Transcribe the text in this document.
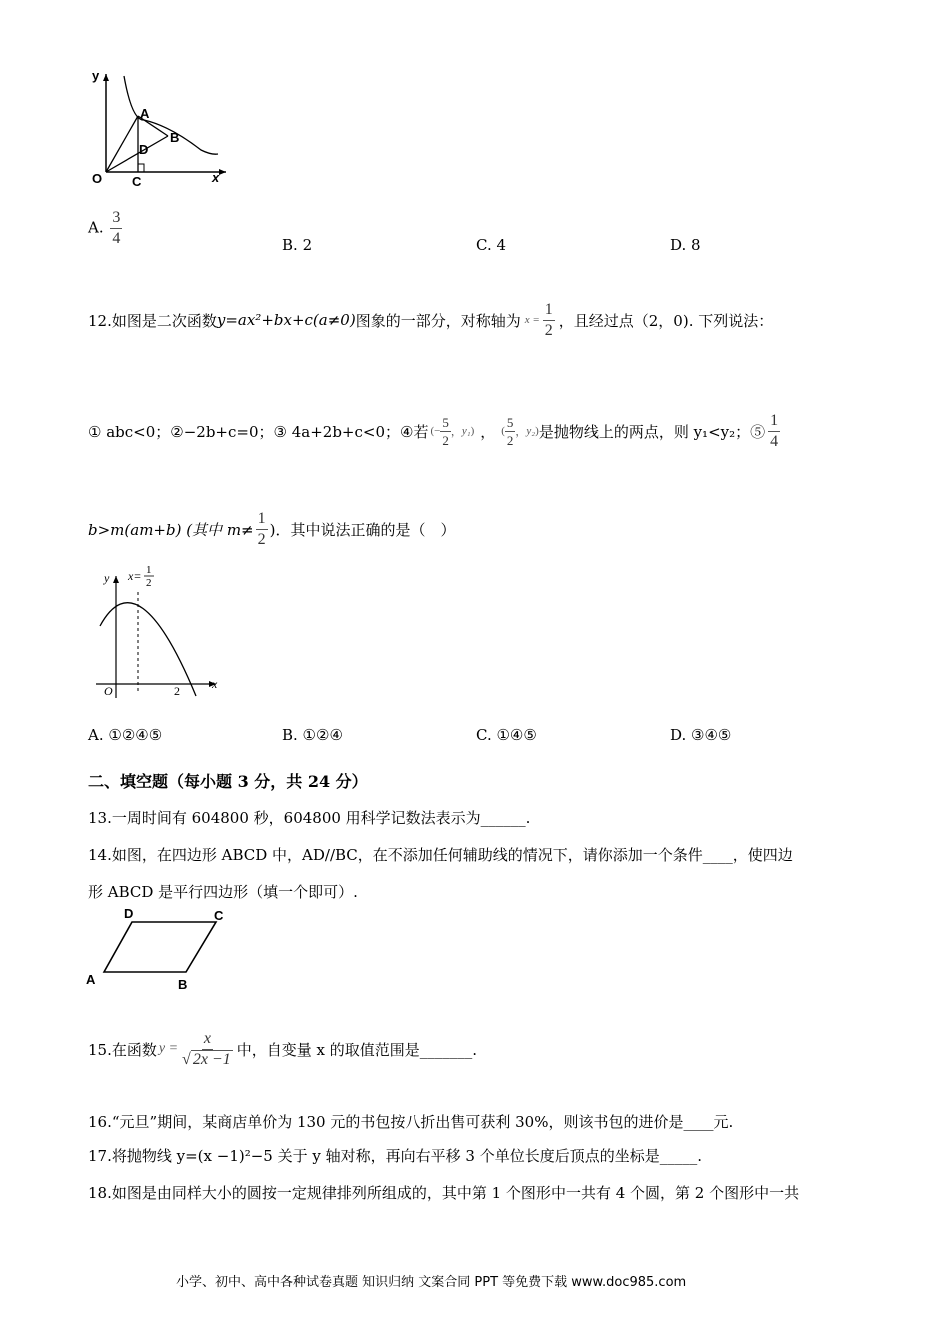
y
x
O
A
B
C
D
A. $\frac{3}{4}$	B. 2	C. 4	D. 8
12.如图是二次函数 y=ax²+bx+c(a≠0) 图象的一部分，对称轴为 $x = \frac{1}{2}$ ，且经过点（2，0). 下列说法：
① abc<0；②−2b+c=0；③ 4a+2b+c<0；④若 (− $\frac{5}{2}$ ， y₁ ) ， ( $\frac{5}{2}$ ， y₂ ) 是抛物线上的两点，则 y₁<y₂；⑤ $\frac{1}{4}$
b>m(am+b) (其中 $m\ne \frac{1}{2}$ )．其中说法正确的是（　）
y
x
O	2
x= 1
2
A. ①②④⑤	B. ①②④	C. ①④⑤	D. ③④⑤
二、填空题（每小题 3 分，共 24 分）
13.一周时间有 604800 秒，604800 用科学记数法表示为______.
14.如图，在四边形 ABCD 中，AD//BC，在不添加任何辅助线的情况下，请你添加一个条件____，使四边
形 ABCD 是平行四边形（填一个即可）.
A	B
C
D
15.在函数 $y = \frac{x}{√ 2x -1}$ 中，自变量 x 的取值范围是_______.
16.“元旦”期间，某商店单价为 130 元的书包按八折出售可获利 30%，则该书包的进价是____元.
17.将抛物线 y=(x −1)²−5 关于 y 轴对称，再向右平移 3 个单位长度后顶点的坐标是_____.
18.如图是由同样大小的圆按一定规律排列所组成的，其中第 1 个图形中一共有 4 个圆，第 2 个图形中一共
小学、初中、高中各种试卷真题 知识归纳 文案合同 PPT 等免费下载 www.doc985.com
